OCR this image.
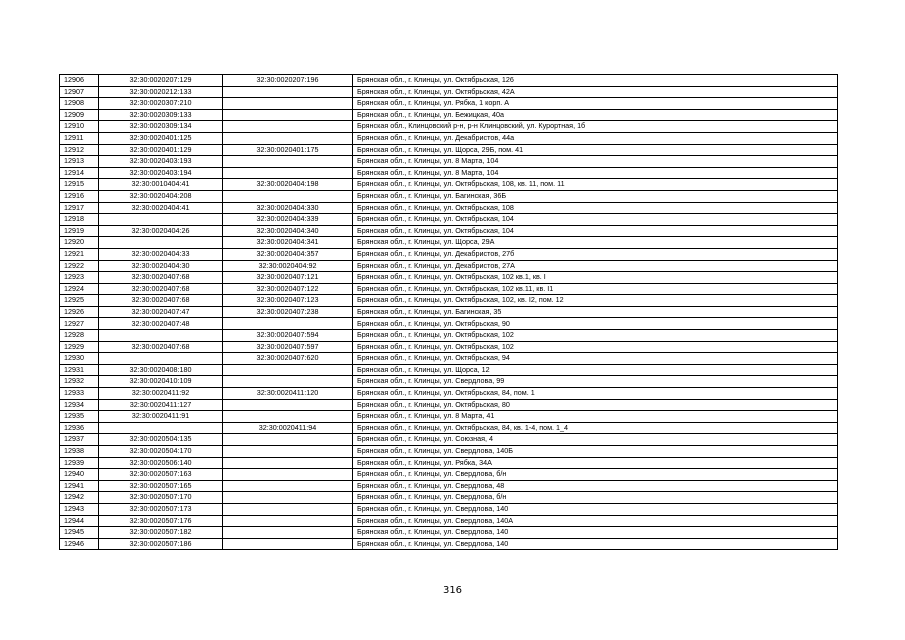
12906	32:30:0020207:129	32:30:0020207:196	Брянская обл., г. Клинцы, ул. Октябрьская, 126
12907	32:30:0020212:133		Брянская обл., г. Клинцы, ул. Октябрьская, 42А
12908	32:30:0020307:210		Брянская обл., г. Клинцы, ул. Рябка, 1 корп. А
12909	32:30:0020309:133		Брянская обл., г. Клинцы, ул. Бежицкая, 40а
12910	32:30:0020309:134		Брянская обл., Клинцовский р-н, р-н Клинцовский, ул. Курортная, 1б
12911	32:30:0020401:125		Брянская обл., г. Клинцы, ул. Декабристов, 44а
12912	32:30:0020401:129	32:30:0020401:175	Брянская обл., г. Клинцы, ул. Щорса, 29Б, пом. 41
12913	32:30:0020403:193		Брянская обл., г. Клинцы, ул. 8 Марта, 104
12914	32:30:0020403:194		Брянская обл., г. Клинцы, ул. 8 Марта, 104
12915	32:30:0010404:41	32:30:0020404:198	Брянская обл., г. Клинцы, ул. Октябрьская, 108, кв. 11, пом. 11
12916	32:30:0020404:208		Брянская обл., г. Клинцы, ул. Багинская, 36Б
12917	32:30:0020404:41	32:30:0020404:330	Брянская обл., г. Клинцы, ул. Октябрьская, 108
12918		32:30:0020404:339	Брянская обл., г. Клинцы, ул. Октябрьская, 104
12919	32:30:0020404:26	32:30:0020404:340	Брянская обл., г. Клинцы, ул. Октябрьская, 104
12920		32:30:0020404:341	Брянская обл., г. Клинцы, ул. Щорса, 29А
12921	32:30:0020404:33	32:30:0020404:357	Брянская обл., г. Клинцы, ул. Декабристов, 27б
12922	32:30:0020404:30	32:30:0020404:92	Брянская обл., г. Клинцы, ул. Декабристов, 27А
12923	32:30:0020407:68	32:30:0020407:121	Брянская обл., г. Клинцы, ул. Октябрьская, 102 кв.1, кв. I
12924	32:30:0020407:68	32:30:0020407:122	Брянская обл., г. Клинцы, ул. Октябрьская, 102 кв.11, кв. I1
12925	32:30:0020407:68	32:30:0020407:123	Брянская обл., г. Клинцы, ул. Октябрьская, 102, кв. I2, пом. 12
12926	32:30:0020407:47	32:30:0020407:238	Брянская обл., г. Клинцы, ул. Багинская, 35
12927	32:30:0020407:48		Брянская обл., г. Клинцы, ул. Октябрьская, 90
12928		32:30:0020407:594	Брянская обл., г. Клинцы, ул. Октябрьская, 102
12929	32:30:0020407:68	32:30:0020407:597	Брянская обл., г. Клинцы, ул. Октябрьская, 102
12930		32:30:0020407:620	Брянская обл., г. Клинцы, ул. Октябрьская, 94
12931	32:30:0020408:180		Брянская обл., г. Клинцы, ул. Щорса, 12
12932	32:30:0020410:109		Брянская обл., г. Клинцы, ул. Свердлова, 99
12933	32:30:0020411:92	32:30:0020411:120	Брянская обл., г. Клинцы, ул. Октябрьская, 84, пом. 1
12934	32:30:0020411:127		Брянская обл., г. Клинцы, ул. Октябрьская, 80
12935	32:30:0020411:91		Брянская обл., г. Клинцы, ул. 8 Марта, 41
12936		32:30:0020411:94	Брянская обл., г. Клинцы, ул. Октябрьская, 84, кв. 1-4, пом. 1_4
12937	32:30:0020504:135		Брянская обл., г. Клинцы, ул. Союзная, 4
12938	32:30:0020504:170		Брянская обл., г. Клинцы, ул. Свердлова, 140Б
12939	32:30:0020506:140		Брянская обл., г. Клинцы, ул. Рябка, 34А
12940	32:30:0020507:163		Брянская обл., г. Клинцы, ул. Свердлова, б/н
12941	32:30:0020507:165		Брянская обл., г. Клинцы, ул. Свердлова, 48
12942	32:30:0020507:170		Брянская обл., г. Клинцы, ул. Свердлова, б/н
12943	32:30:0020507:173		Брянская обл., г. Клинцы, ул. Свердлова, 140
12944	32:30:0020507:176		Брянская обл., г. Клинцы, ул. Свердлова, 140А
12945	32:30:0020507:182		Брянская обл., г. Клинцы, ул. Свердлова, 140
12946	32:30:0020507:186		Брянская обл., г. Клинцы, ул. Свердлова, 140
316
